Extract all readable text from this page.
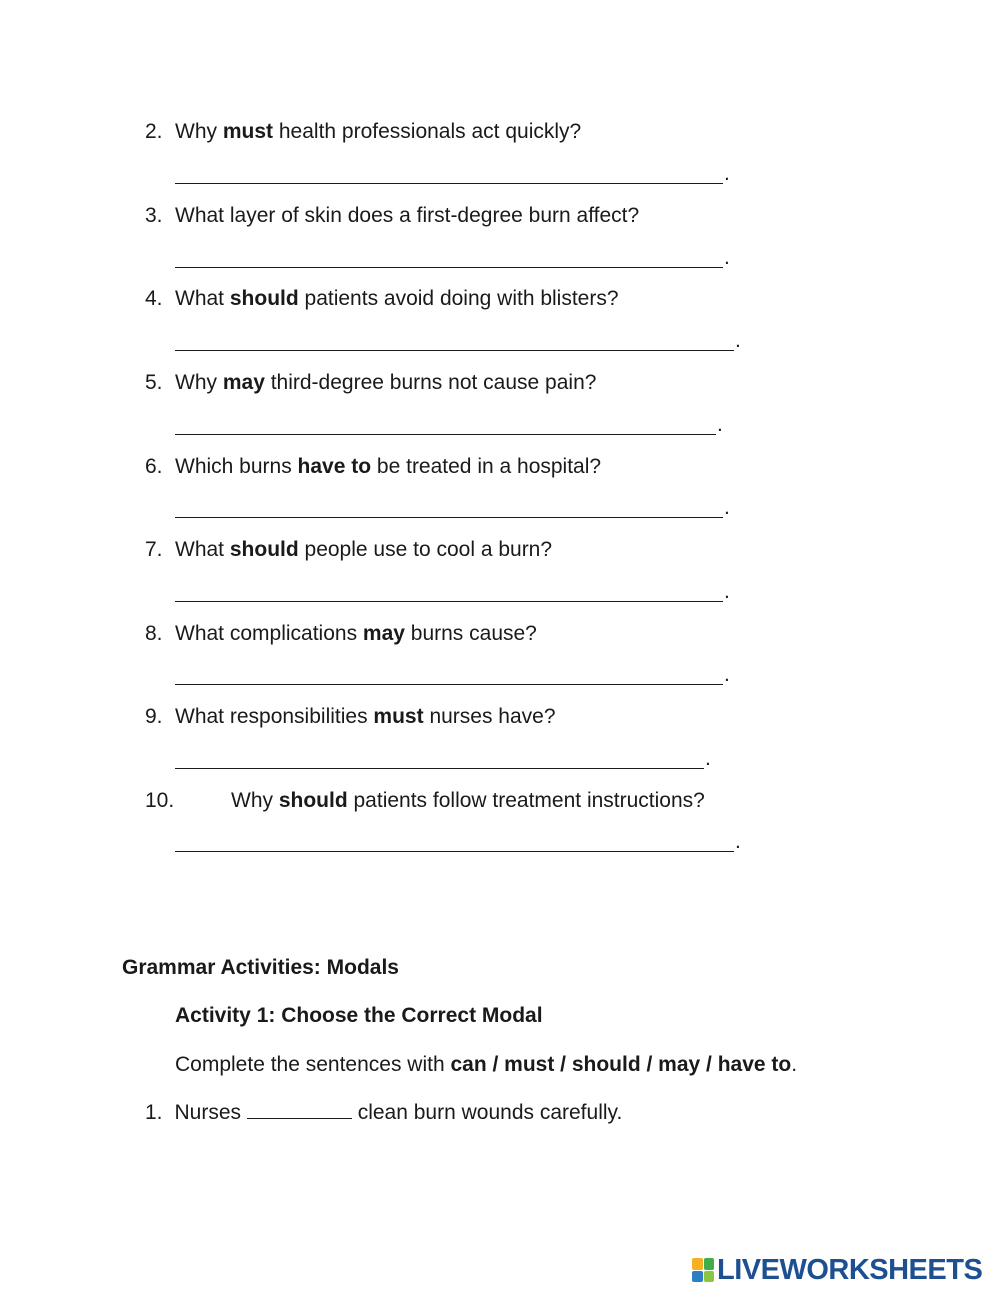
2. Why must health professionals act quickly?
.
3. What layer of skin does a first-degree burn affect?
.
4. What should patients avoid doing with blisters?
.
5. Why may third-degree burns not cause pain?
.
6. Which burns have to be treated in a hospital?
.
7. What should people use to cool a burn?
.
8. What complications may burns cause?
.
9. What responsibilities must nurses have?
.
10.	Why should patients follow treatment instructions?
.
Grammar Activities: Modals
Activity 1: Choose the Correct Modal
Complete the sentences with can / must / should / may / have to.
1. Nurses	clean burn wounds carefully.
LIVEWORKSHEETS
